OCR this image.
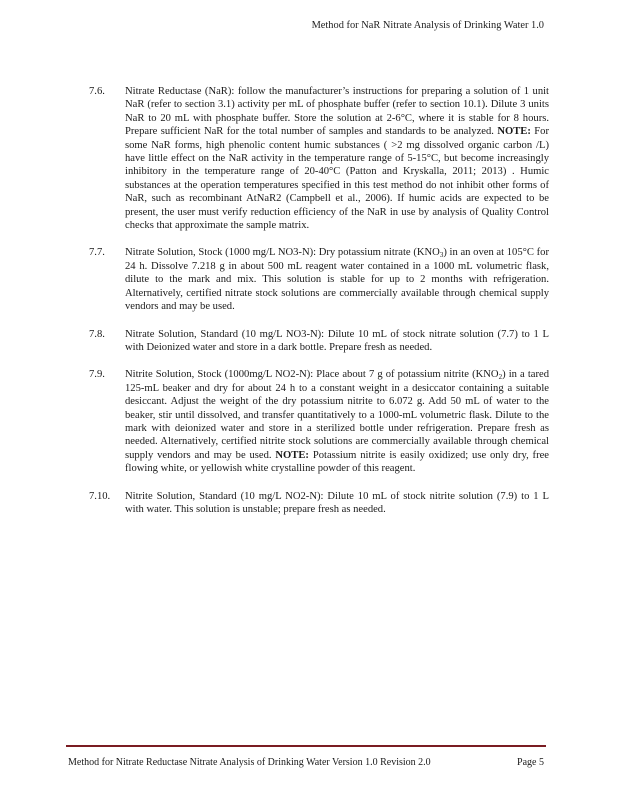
Method for NaR Nitrate Analysis of Drinking Water 1.0
7.6. Nitrate Reductase (NaR): follow the manufacturer’s instructions for preparing a solution of 1 unit NaR (refer to section 3.1) activity per mL of phosphate buffer (refer to section 10.1). Dilute 3 units NaR to 20 mL with phosphate buffer. Store the solution at 2-6°C, where it is stable for 8 hours. Prepare sufficient NaR for the total number of samples and standards to be analyzed. NOTE: For some NaR forms, high phenolic content humic substances ( >2 mg dissolved organic carbon /L) have little effect on the NaR activity in the temperature range of 5-15°C, but become increasingly inhibitory in the temperature range of 20-40°C (Patton and Kryskalla, 2011; 2013) . Humic substances at the operation temperatures specified in this test method do not inhibit other forms of NaR, such as recombinant AtNaR2 (Campbell et al., 2006). If humic acids are expected to be present, the user must verify reduction efficiency of the NaR in use by analysis of Quality Control checks that approximate the sample matrix.
7.7. Nitrate Solution, Stock (1000 mg/L NO3-N): Dry potassium nitrate $(KNO_3)$ in an oven at 105°C for 24 h. Dissolve 7.218 g in about 500 mL reagent water contained in a 1000 mL volumetric flask, dilute to the mark and mix. This solution is stable for up to 2 months with refrigeration. Alternatively, certified nitrate stock solutions are commercially available through chemical supply vendors and may be used.
7.8. Nitrate Solution, Standard (10 mg/L NO3-N): Dilute 10 mL of stock nitrate solution (7.7) to 1 L with Deionized water and store in a dark bottle. Prepare fresh as needed.
7.9. Nitrite Solution, Stock (1000mg/L NO2-N): Place about 7 g of potassium nitrite $(KNO_2)$ in a tared 125-mL beaker and dry for about 24 h to a constant weight in a desiccator containing a suitable desiccant. Adjust the weight of the dry potassium nitrite to 6.072 g. Add 50 mL of water to the beaker, stir until dissolved, and transfer quantitatively to a 1000-mL volumetric flask. Dilute to the mark with deionized water and store in a sterilized bottle under refrigeration. Prepare fresh as needed. Alternatively, certified nitrite stock solutions are commercially available through chemical supply vendors and may be used. NOTE: Potassium nitrite is easily oxidized; use only dry, free flowing white, or yellowish white crystalline powder of this reagent.
7.10. Nitrite Solution, Standard (10 mg/L NO2-N): Dilute 10 mL of stock nitrite solution (7.9) to 1 L with water. This solution is unstable; prepare fresh as needed.
Method for Nitrate Reductase Nitrate Analysis of Drinking Water Version 1.0 Revision 2.0	Page 5
